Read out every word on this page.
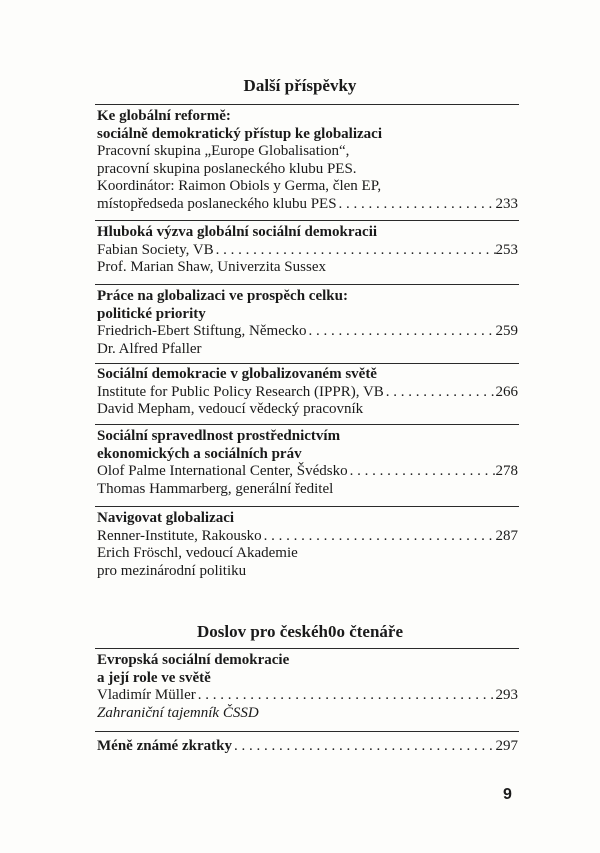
Další příspěvky
Ke globální reformě:
sociálně demokratický přístup ke globalizaci
Pracovní skupina „Europe Globalisation“,
pracovní skupina poslaneckého klubu PES.
Koordinátor: Raimon Obiols y Germa, člen EP,
místopředseda poslaneckého klubu PES . . .	233
Hluboká výzva globální sociální demokracii
Fabian Society, VB . . .	253
Prof. Marian Shaw, Univerzita Sussex
Práce na globalizaci ve prospěch celku:
politické priority
Friedrich-Ebert Stiftung, Německo . . .	259
Dr. Alfred Pfaller
Sociální demokracie v globalizovaném světě
Institute for Public Policy Research (IPPR), VB . . .	266
David Mepham, vedoucí vědecký pracovník
Sociální spravedlnost prostřednictvím
ekonomických a sociálních práv
Olof Palme International Center, Švédsko . . .	278
Thomas Hammarberg, generální ředitel
Navigovat globalizaci
Renner-Institute, Rakousko . . .	287
Erich Fröschl, vedoucí Akademie
pro mezinárodní politiku
Doslov pro českéh0o čtenáře
Evropská sociální demokracie
a její role ve světě
Vladimír Müller . . .	293
Zahraniční tajemník ČSSD
Méně známé zkratky . . .	297
9
